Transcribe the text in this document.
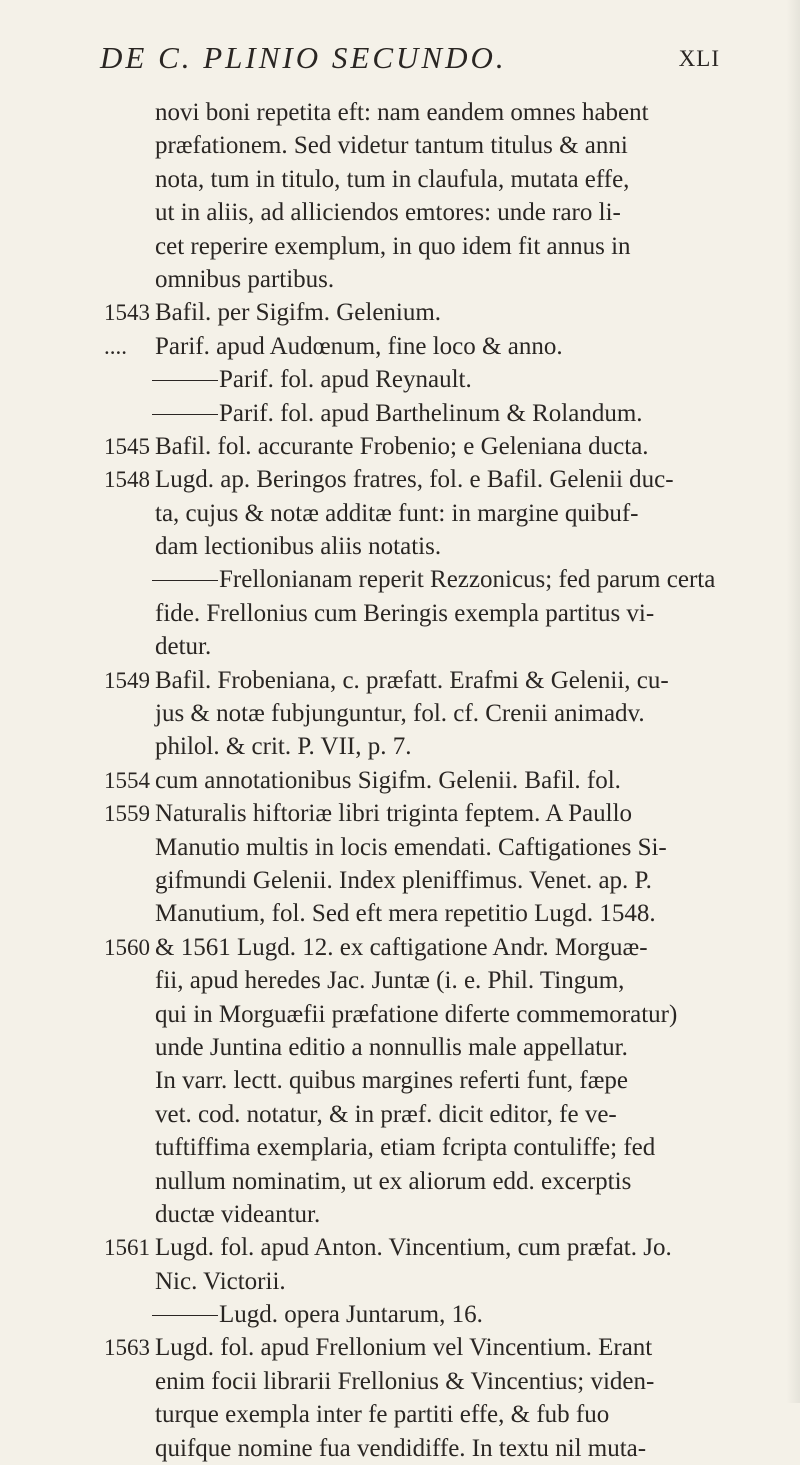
DE C. PLINIO SECUNDO.	XLI
novi boni repetita eft: nam eandem omnes habent
præfationem. Sed videtur tantum titulus & anni
nota, tum in titulo, tum in claufula, mutata effe,
ut in aliis, ad alliciendos emtores: unde raro li-
cet reperire exemplum, in quo idem fit annus in
omnibus partibus.
1543 Bafil. per Sigifm. Gelenium.
....	Parif. apud Audœnum, fine loco & anno.
Parif. fol. apud Reynault.
Parif. fol. apud Barthelinum & Rolandum.
1545 Bafil. fol. accurante Frobenio; e Geleniana ducta.
1548 Lugd. ap. Beringos fratres, fol. e Bafil. Gelenii duc-
ta, cujus & notæ additæ funt: in margine quibuf-
dam lectionibus aliis notatis.
Frellonianam reperit Rezzonicus; fed parum certa
fide. Frellonius cum Beringis exempla partitus vi-
detur.
1549 Bafil. Frobeniana, c. præfatt. Erafmi & Gelenii, cu-
jus & notæ fubjunguntur, fol. cf. Crenii animadv.
philol. & crit. P. VII, p. 7.
1554 cum annotationibus Sigifm. Gelenii. Bafil. fol.
1559 Naturalis hiftoriæ libri triginta feptem. A Paullo
Manutio multis in locis emendati. Caftigationes Si-
gifmundi Gelenii. Index pleniffimus. Venet. ap. P.
Manutium, fol. Sed eft mera repetitio Lugd. 1548.
1560 & 1561 Lugd. 12. ex caftigatione Andr. Morguæ-
fii, apud heredes Jac. Juntæ (i. e. Phil. Tingum,
qui in Morguæfii præfatione diferte commemoratur)
unde Juntina editio a nonnullis male appellatur.
In varr. lectt. quibus margines referti funt, fæpe
vet. cod. notatur, & in præf. dicit editor, fe ve-
tuftiffima exemplaria, etiam fcripta contuliffe; fed
nullum nominatim, ut ex aliorum edd. excerptis
ductæ videantur.
1561 Lugd. fol. apud Anton. Vincentium, cum præfat. Jo.
Nic. Victorii.
Lugd. opera Juntarum, 16.
1563 Lugd. fol. apud Frellonium vel Vincentium. Erant
enim focii librarii Frellonius & Vincentius; viden-
turque exempla inter fe partiti effe, & fub fuo
quifque nomine fua vendidiffe. In textu nil muta-
